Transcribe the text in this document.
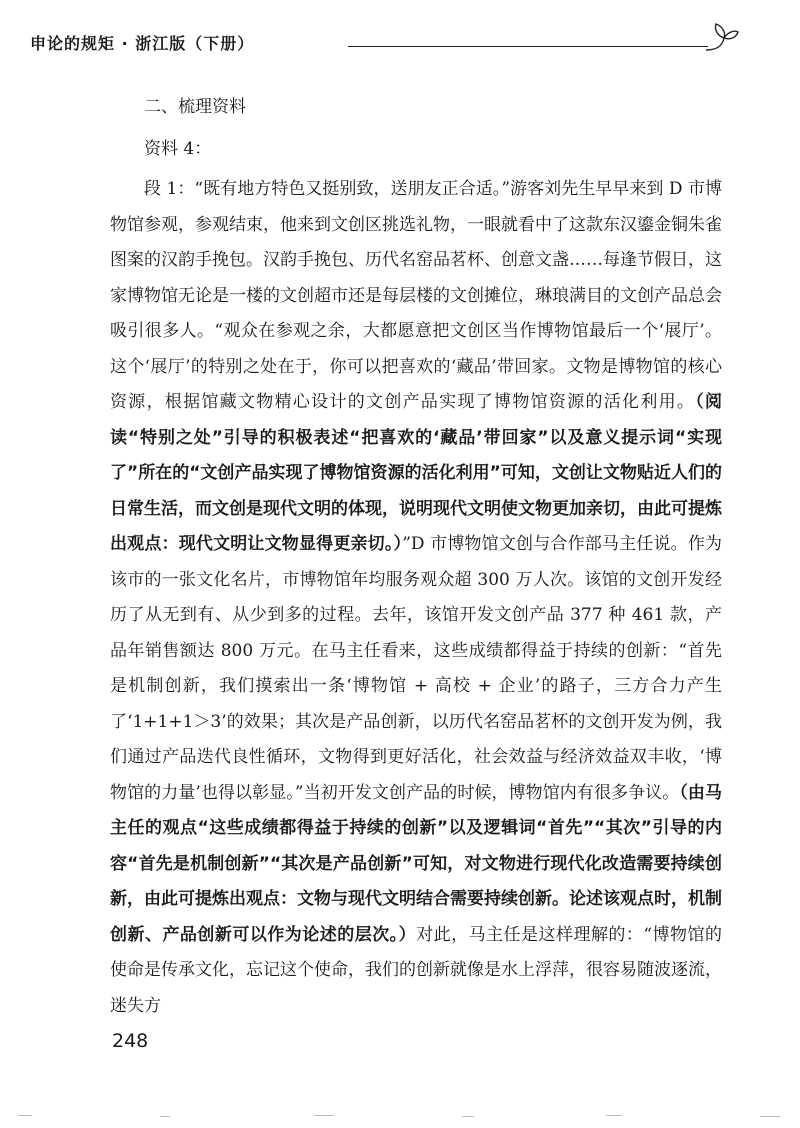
申论的规矩 · 浙江版（下册）
二、梳理资料
资料 4：

段 1：“既有地方特色又挺别致，送朋友正合适。”游客刘先生早早来到 D 市博物馆参观，参观结束，他来到文创区挑选礼物，一眼就看中了这款东汉鎏金铜朱雀图案的汉韵手挽包。汉韵手挽包、历代名窑品茗杯、创意文盏……每逢节假日，这家博物馆无论是一楼的文创超市还是每层楼的文创摊位，琳琅满目的文创产品总会吸引很多人。“观众在参观之余，大都愿意把文创区当作博物馆最后一个‘展厅’。这个‘展厅’的特别之处在于，你可以把喜欢的‘藏品’带回家。文物是博物馆的核心资源，根据馆藏文物精心设计的文创产品实现了博物馆资源的活化利用。（阅读“特别之处”引导的积极表述“把喜欢的‘藏品’带回家”以及意义提示词“实现了”所在的“文创产品实现了博物馆资源的活化利用”可知，文创让文物贴近人们的日常生活，而文创是现代文明的体现，说明现代文明使文物更加亲切，由此可提炼出观点：现代文明让文物显得更亲切。）”D 市博物馆文创与合作部马主任说。作为该市的一张文化名片，市博物馆年均服务观众超 300 万人次。该馆的文创开发经历了从无到有、从少到多的过程。去年，该馆开发文创产品 377 种 461 款，产品年销售额达 800 万元。在马主任看来，这些成绩都得益于持续的创新：“首先是机制创新，我们摸索出一条‘博物馆 + 高校 + 企业’的路子，三方合力产生了‘1+1+1＞3’的效果；其次是产品创新，以历代名窑品茗杯的文创开发为例，我们通过产品迭代良性循环，文物得到更好活化，社会效益与经济效益双丰收，‘博物馆的力量’也得以彰显。”当初开发文创产品的时候，博物馆内有很多争议。（由马主任的观点“这些成绩都得益于持续的创新”以及逻辑词“首先”“其次”引导的内容“首先是机制创新”“其次是产品创新”可知，对文物进行现代化改造需要持续创新，由此可提炼出观点：文物与现代文明结合需要持续创新。论述该观点时，机制创新、产品创新可以作为论述的层次。）对此，马主任是这样理解的：“博物馆的使命是传承文化，忘记这个使命，我们的创新就像是水上浮萍，很容易随波逐流，迷失方

248
